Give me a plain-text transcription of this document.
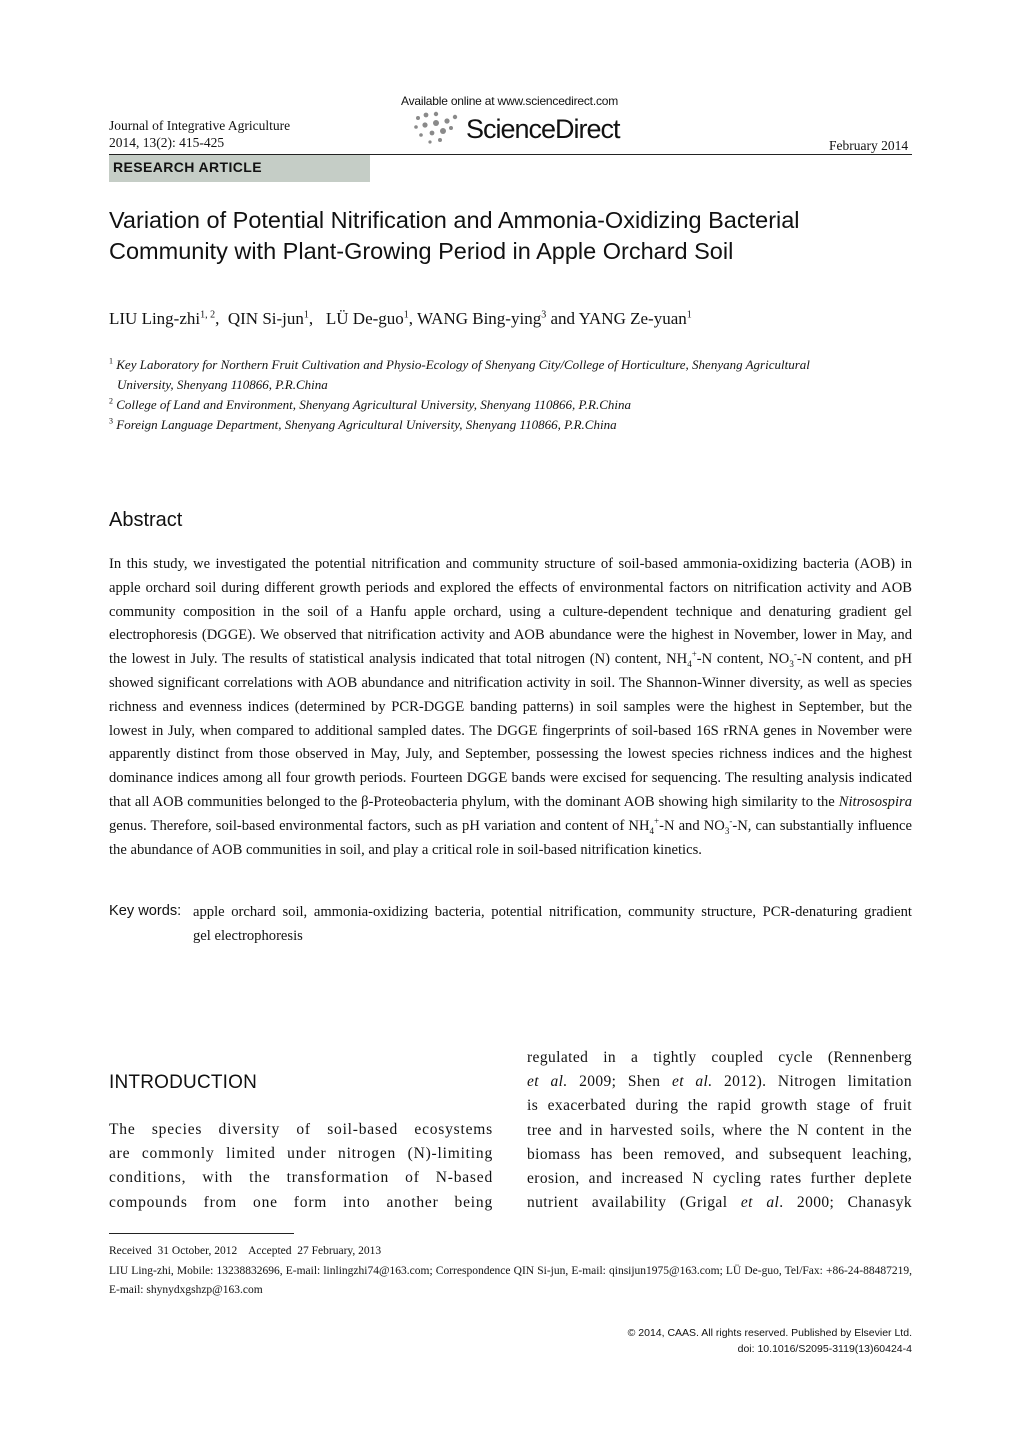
Journal of Integrative Agriculture
2014, 13(2): 415-425
Available online at www.sciencedirect.com
ScienceDirect
February 2014
RESEARCH ARTICLE
Variation of Potential Nitrification and Ammonia-Oxidizing Bacterial Community with Plant-Growing Period in Apple Orchard Soil
LIU Ling-zhi$^{1, 2}$,  QIN Si-jun$^1$,   LÜ De-guo$^1$, WANG Bing-ying$^3$ and YANG Ze-yuan$^1$
$^1$ Key Laboratory for Northern Fruit Cultivation and Physio-Ecology of Shenyang City/College of Horticulture, Shenyang Agricultural
University, Shenyang 110866, P.R.China
$^2$ College of Land and Environment, Shenyang Agricultural University, Shenyang 110866, P.R.China
$^3$ Foreign Language Department, Shenyang Agricultural University, Shenyang 110866, P.R.China
Abstract
In this study, we investigated the potential nitrification and community structure of soil-based ammonia-oxidizing bacteria (AOB) in apple orchard soil during different growth periods and explored the effects of environmental factors on nitrification activity and AOB community composition in the soil of a Hanfu apple orchard, using a culture-dependent technique and denaturing gradient gel electrophoresis (DGGE). We observed that nitrification activity and AOB abundance were the highest in November, lower in May, and the lowest in July. The results of statistical analysis indicated that total nitrogen (N) content, $NH_4^+-N$ content, $NO_3^--N$ content, and pH showed significant correlations with AOB abundance and nitrification activity in soil. The Shannon-Winner diversity, as well as species richness and evenness indices (determined by PCR-DGGE banding patterns) in soil samples were the highest in September, but the lowest in July, when compared to additional sampled dates. The DGGE fingerprints of soil-based 16S rRNA genes in November were apparently distinct from those observed in May, July, and September, possessing the lowest species richness indices and the highest dominance indices among all four growth periods. Fourteen DGGE bands were excised for sequencing. The resulting analysis indicated that all AOB communities belonged to the β-Proteobacteria phylum, with the dominant AOB showing high similarity to the Nitrosospira genus. Therefore, soil-based environmental factors, such as pH variation and content of $NH_4^+-N$ and $NO_3^--N$, can substantially influence the abundance of AOB communities in soil, and play a critical role in soil-based nitrification kinetics.
Key words: apple orchard soil, ammonia-oxidizing bacteria, potential nitrification, community structure, PCR-denaturing gradient
gel electrophoresis
INTRODUCTION
The species diversity of soil-based ecosystems
are commonly limited under nitrogen (N)-limiting
conditions, with the transformation of N-based
compounds from one form into another being
regulated in a tightly coupled cycle (Rennenberg
et al. 2009; Shen et al. 2012). Nitrogen limitation
is exacerbated during the rapid growth stage of fruit
tree and in harvested soils, where the N content in the
biomass has been removed, and subsequent leaching,
erosion, and increased N cycling rates further deplete
nutrient availability (Grigal et al. 2000; Chanasyk
Received  31 October, 2012    Accepted  27 February, 2013
LIU Ling-zhi, Mobile: 13238832696, E-mail: linlingzhi74@163.com; Correspondence QIN Si-jun, E-mail: qinsijun1975@163.com; LÜ De-guo, Tel/Fax: +86-24-88487219, E-mail: shynydxgshzp@163.com
© 2014, CAAS. All rights reserved. Published by Elsevier Ltd.
doi: 10.1016/S2095-3119(13)60424-4
